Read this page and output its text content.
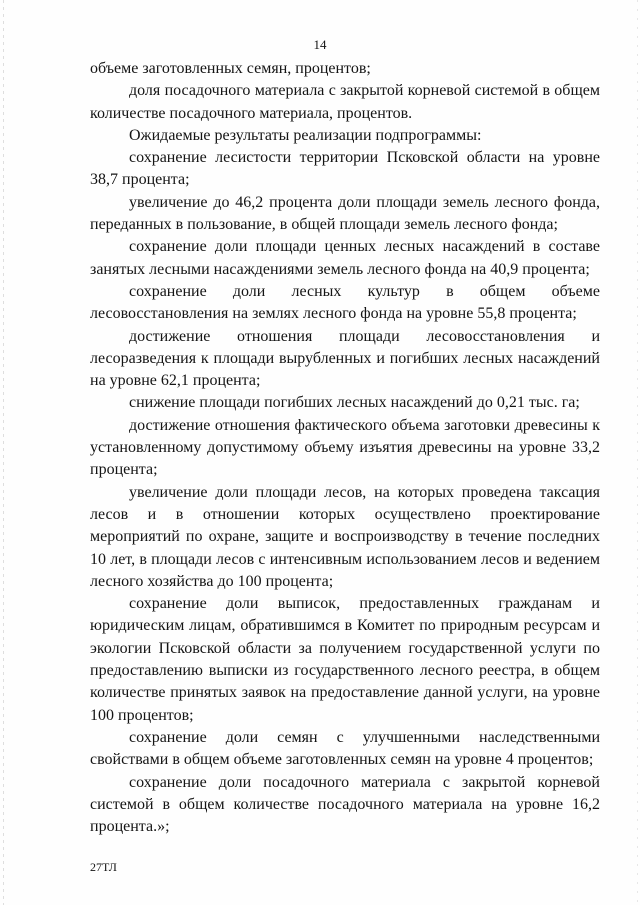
14

объеме заготовленных семян, процентов;

доля посадочного материала с закрытой корневой системой в общем количестве посадочного материала, процентов.

Ожидаемые результаты реализации подпрограммы:

сохранение лесистости территории Псковской области на уровне 38,7 процента;

увеличение до 46,2 процента доли площади земель лесного фонда, переданных в пользование, в общей площади земель лесного фонда;

сохранение доли площади ценных лесных насаждений в составе занятых лесными насаждениями земель лесного фонда на 40,9 процента;

сохранение доли лесных культур в общем объеме лесовосстановления на землях лесного фонда на уровне 55,8 процента;

достижение отношения площади лесовосстановления и лесоразведения к площади вырубленных и погибших лесных насаждений на уровне 62,1 процента;

снижение площади погибших лесных насаждений до 0,21 тыс. га;

достижение отношения фактического объема заготовки древесины к установленному допустимому объему изъятия древесины на уровне 33,2 процента;

увеличение доли площади лесов, на которых проведена таксация лесов и в отношении которых осуществлено проектирование мероприятий по охране, защите и воспроизводству в течение последних 10 лет, в площади лесов с интенсивным использованием лесов и ведением лесного хозяйства до 100 процента;

сохранение доли выписок, предоставленных гражданам и юридическим лицам, обратившимся в Комитет по природным ресурсам и экологии Псковской области за получением государственной услуги по предоставлению выписки из государственного лесного реестра, в общем количестве принятых заявок на предоставление данной услуги, на уровне 100 процентов;

сохранение доли семян с улучшенными наследственными свойствами в общем объеме заготовленных семян на уровне 4 процентов;

сохранение доли посадочного материала с закрытой корневой системой в общем количестве посадочного материала на уровне 16,2 процента.»;

27ТЛ
